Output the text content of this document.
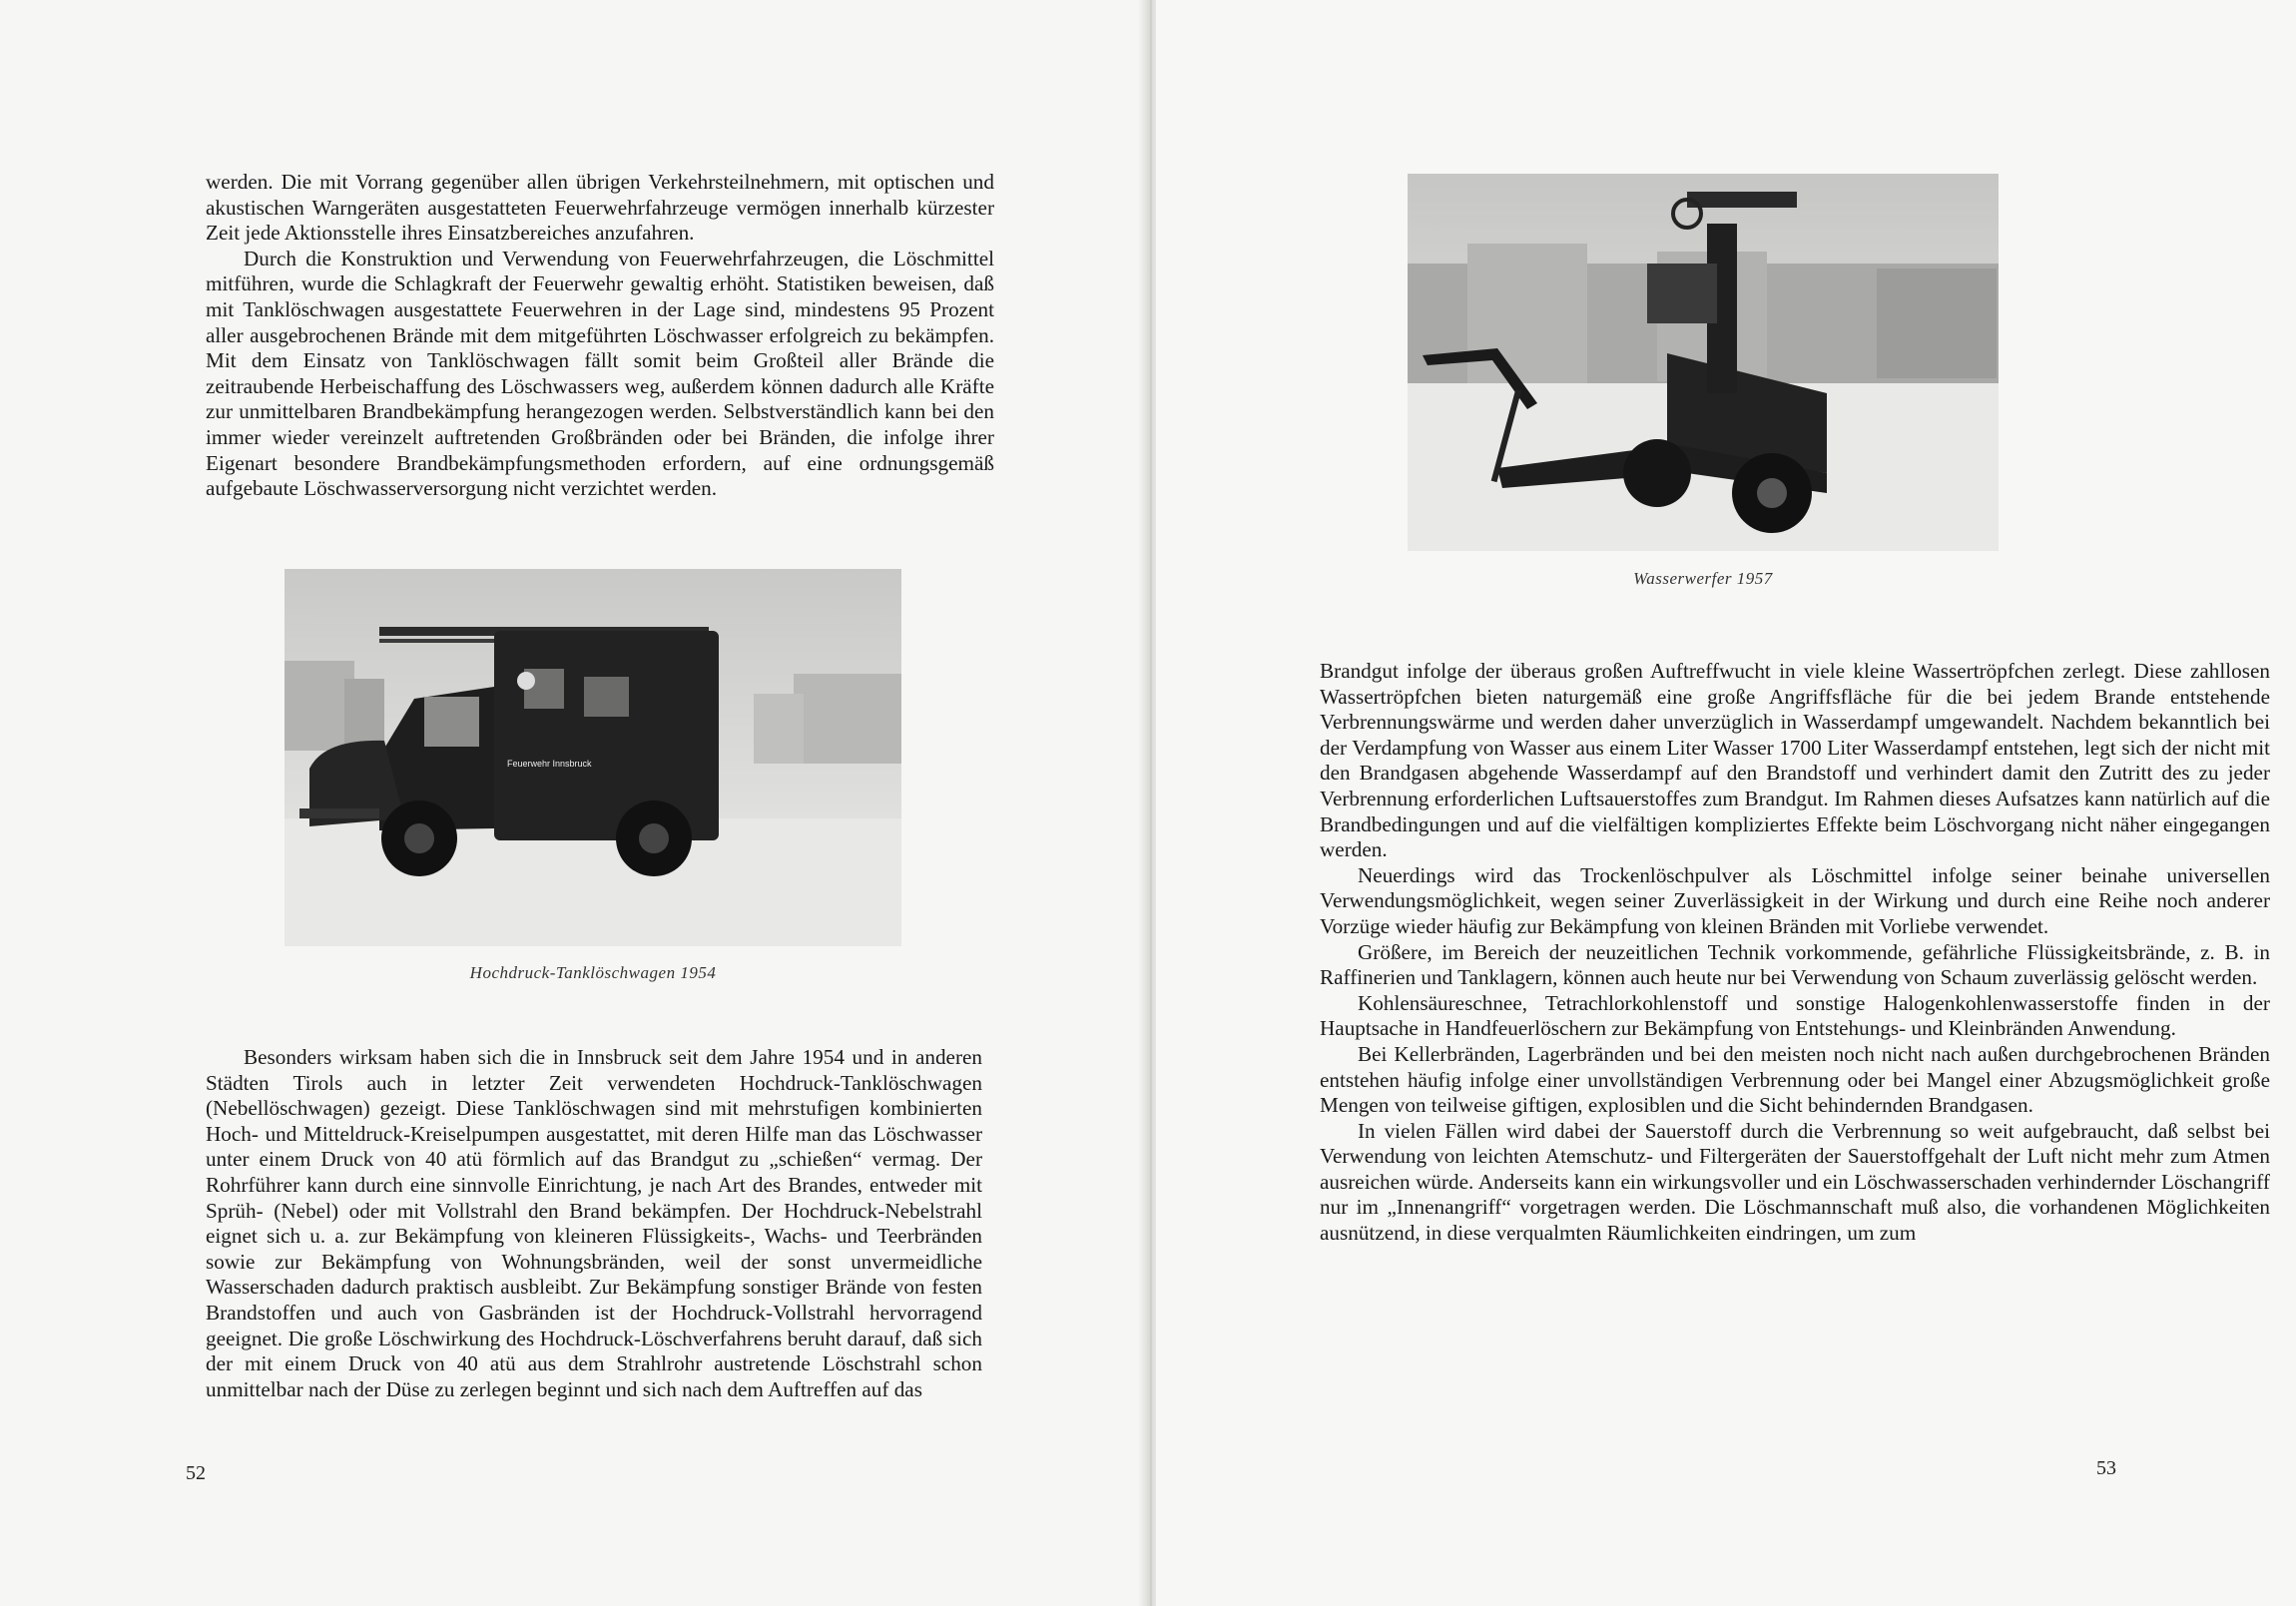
werden. Die mit Vorrang gegenüber allen übrigen Verkehrsteilnehmern, mit optischen und akustischen Warngeräten ausgestatteten Feuerwehrfahrzeuge vermögen innerhalb kürzester Zeit jede Aktionsstelle ihres Einsatzbereiches anzufahren.

Durch die Konstruktion und Verwendung von Feuerwehrfahrzeugen, die Löschmittel mitführen, wurde die Schlagkraft der Feuerwehr gewaltig erhöht. Statistiken beweisen, daß mit Tanklöschwagen ausgestattete Feuerwehren in der Lage sind, mindestens 95 Prozent aller ausgebrochenen Brände mit dem mitgeführten Löschwasser erfolgreich zu bekämpfen. Mit dem Einsatz von Tanklöschwagen fällt somit beim Großteil aller Brände die zeitraubende Herbeischaffung des Löschwassers weg, außerdem können dadurch alle Kräfte zur unmittelbaren Brandbekämpfung herangezogen werden. Selbstverständlich kann bei den immer wieder vereinzelt auftretenden Großbränden oder bei Bränden, die infolge ihrer Eigenart besondere Brandbekämpfungsmethoden erfordern, auf eine ordnungsgemäß aufgebaute Löschwasserversorgung nicht verzichtet werden.

Feuerwehr Innsbruck
Hochdruck-Tanklöschwagen 1954

Besonders wirksam haben sich die in Innsbruck seit dem Jahre 1954 und in anderen Städten Tirols auch in letzter Zeit verwendeten Hochdruck-Tanklöschwagen (Nebellöschwagen) gezeigt. Diese Tanklöschwagen sind mit mehrstufigen kombinierten Hoch- und Mitteldruck-Kreiselpumpen ausgestattet, mit deren Hilfe man das Löschwasser unter einem Druck von 40 atü förmlich auf das Brandgut zu „schießen“ vermag. Der Rohrführer kann durch eine sinnvolle Einrichtung, je nach Art des Brandes, entweder mit Sprüh- (Nebel) oder mit Vollstrahl den Brand bekämpfen. Der Hochdruck-Nebelstrahl eignet sich u. a. zur Bekämpfung von kleineren Flüssigkeits-, Wachs- und Teerbränden sowie zur Bekämpfung von Wohnungsbränden, weil der sonst unvermeidliche Wasserschaden dadurch praktisch ausbleibt. Zur Bekämpfung sonstiger Brände von festen Brandstoffen und auch von Gasbränden ist der Hochdruck-Vollstrahl hervorragend geeignet. Die große Löschwirkung des Hochdruck-Löschverfahrens beruht darauf, daß sich der mit einem Druck von 40 atü aus dem Strahlrohr austretende Löschstrahl schon unmittelbar nach der Düse zu zerlegen beginnt und sich nach dem Auftreffen auf das

52
Wasserwerfer 1957

Brandgut infolge der überaus großen Auftreffwucht in viele kleine Wassertröpfchen zerlegt. Diese zahllosen Wassertröpfchen bieten naturgemäß eine große Angriffsfläche für die bei jedem Brande entstehende Verbrennungswärme und werden daher unverzüglich in Wasserdampf umgewandelt. Nachdem bekanntlich bei der Verdampfung von Wasser aus einem Liter Wasser 1700 Liter Wasserdampf entstehen, legt sich der nicht mit den Brandgasen abgehende Wasserdampf auf den Brandstoff und verhindert damit den Zutritt des zu jeder Verbrennung erforderlichen Luftsauerstoffes zum Brandgut. Im Rahmen dieses Aufsatzes kann natürlich auf die Brandbedingungen und auf die vielfältigen kompliziertes Effekte beim Löschvorgang nicht näher eingegangen werden.

Neuerdings wird das Trockenlöschpulver als Löschmittel infolge seiner beinahe universellen Verwendungsmöglichkeit, wegen seiner Zuverlässigkeit in der Wirkung und durch eine Reihe noch anderer Vorzüge wieder häufig zur Bekämpfung von kleinen Bränden mit Vorliebe verwendet.

Größere, im Bereich der neuzeitlichen Technik vorkommende, gefährliche Flüssigkeitsbrände, z. B. in Raffinerien und Tanklagern, können auch heute nur bei Verwendung von Schaum zuverlässig gelöscht werden.

Kohlensäureschnee, Tetrachlorkohlenstoff und sonstige Halogenkohlenwasserstoffe finden in der Hauptsache in Handfeuerlöschern zur Bekämpfung von Entstehungs- und Kleinbränden Anwendung.

Bei Kellerbränden, Lagerbränden und bei den meisten noch nicht nach außen durchgebrochenen Bränden entstehen häufig infolge einer unvollständigen Verbrennung oder bei Mangel einer Abzugsmöglichkeit große Mengen von teilweise giftigen, explosiblen und die Sicht behindernden Brandgasen.

In vielen Fällen wird dabei der Sauerstoff durch die Verbrennung so weit aufgebraucht, daß selbst bei Verwendung von leichten Atemschutz- und Filtergeräten der Sauerstoffgehalt der Luft nicht mehr zum Atmen ausreichen würde. Anderseits kann ein wirkungsvoller und ein Löschwasserschaden verhindernder Löschangriff nur im „Innenangriff“ vorgetragen werden. Die Löschmannschaft muß also, die vorhandenen Möglichkeiten ausnützend, in diese verqualmten Räumlichkeiten eindringen, um zum

53
